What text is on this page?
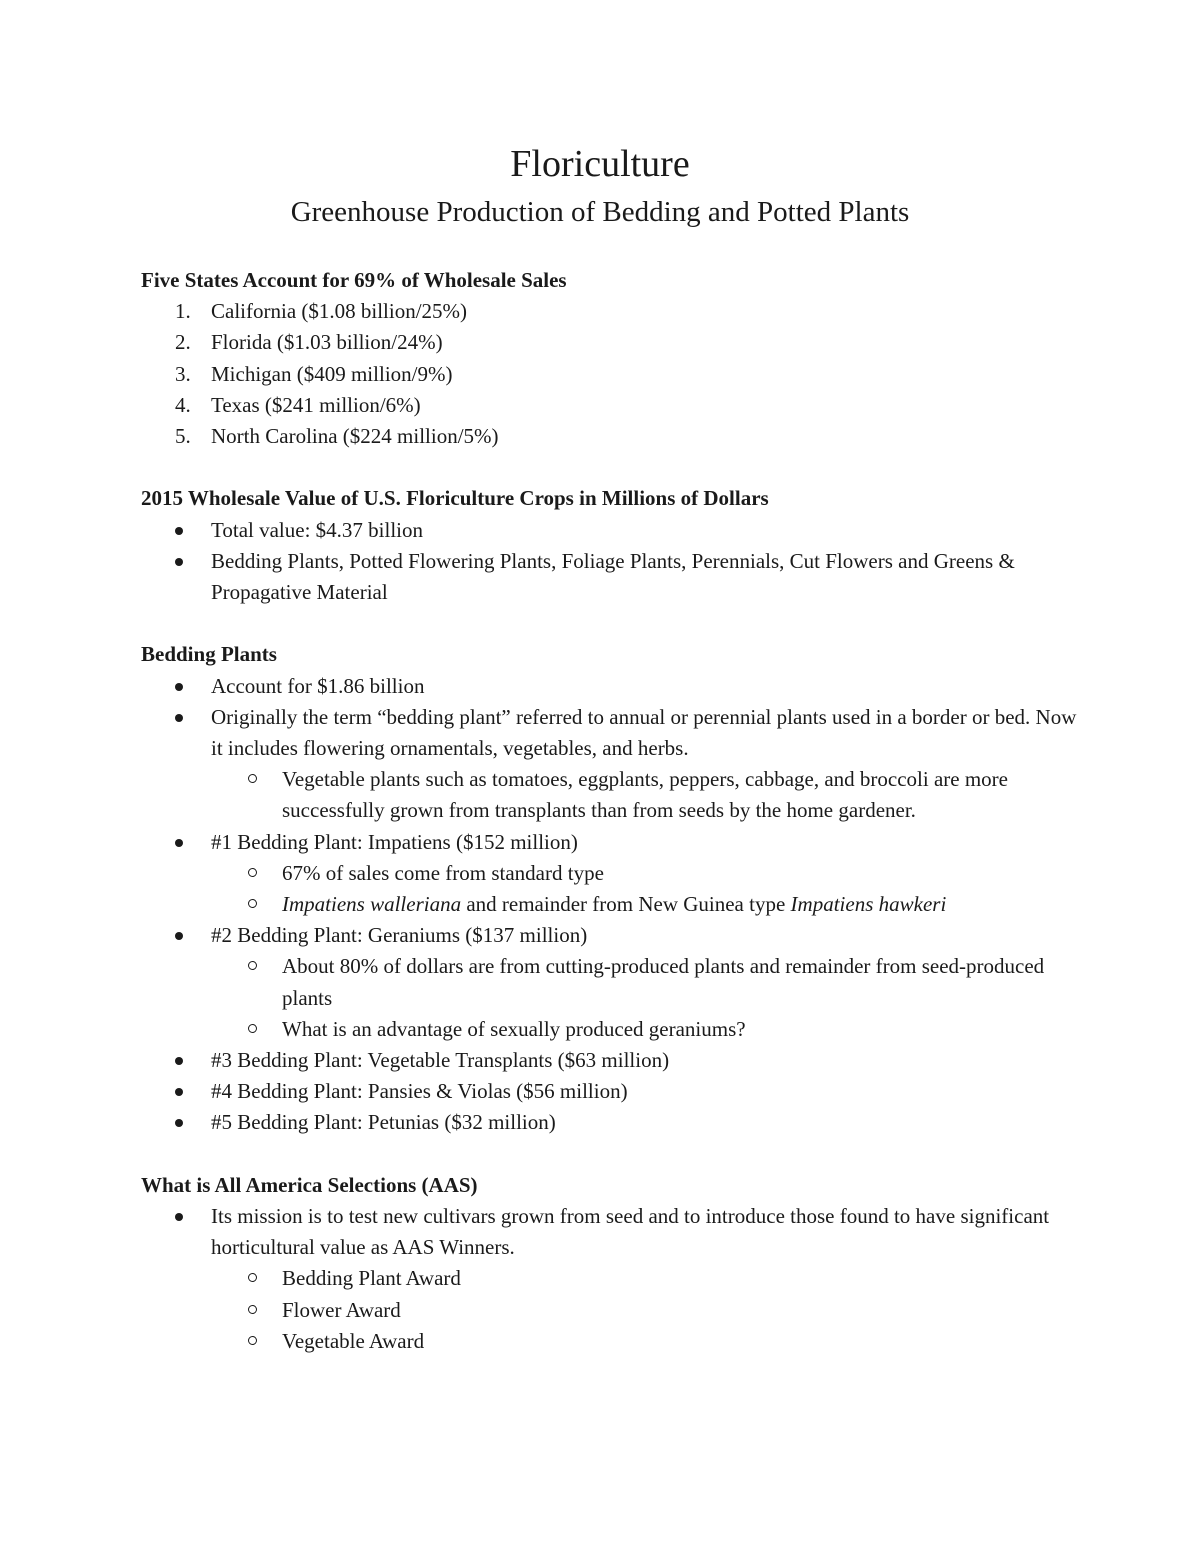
Floriculture
Greenhouse Production of Bedding and Potted Plants

Five States Account for 69% of Wholesale Sales

1. California ($1.08 billion/25%)
2. Florida ($1.03 billion/24%)
3. Michigan ($409 million/9%)
4. Texas ($241 million/6%)
5. North Carolina ($224 million/5%)

2015 Wholesale Value of U.S. Floriculture Crops in Millions of Dollars

Total value: $4.37 billion
Bedding Plants, Potted Flowering Plants, Foliage Plants, Perennials, Cut Flowers and Greens & Propagative Material

Bedding Plants

Account for $1.86 billion
Originally the term “bedding plant” referred to annual or perennial plants used in a border or bed. Now it includes flowering ornamentals, vegetables, and herbs.
Vegetable plants such as tomatoes, eggplants, peppers, cabbage, and broccoli are more successfully grown from transplants than from seeds by the home gardener.
#1 Bedding Plant: Impatiens ($152 million)
67% of sales come from standard type
Impatiens walleriana and remainder from New Guinea type Impatiens hawkeri
#2 Bedding Plant: Geraniums ($137 million)
About 80% of dollars are from cutting-produced plants and remainder from seed-produced plants
What is an advantage of sexually produced geraniums?
#3 Bedding Plant: Vegetable Transplants ($63 million)
#4 Bedding Plant: Pansies & Violas ($56 million)
#5 Bedding Plant: Petunias ($32 million)

What is All America Selections (AAS)

Its mission is to test new cultivars grown from seed and to introduce those found to have significant horticultural value as AAS Winners.
Bedding Plant Award
Flower Award
Vegetable Award
